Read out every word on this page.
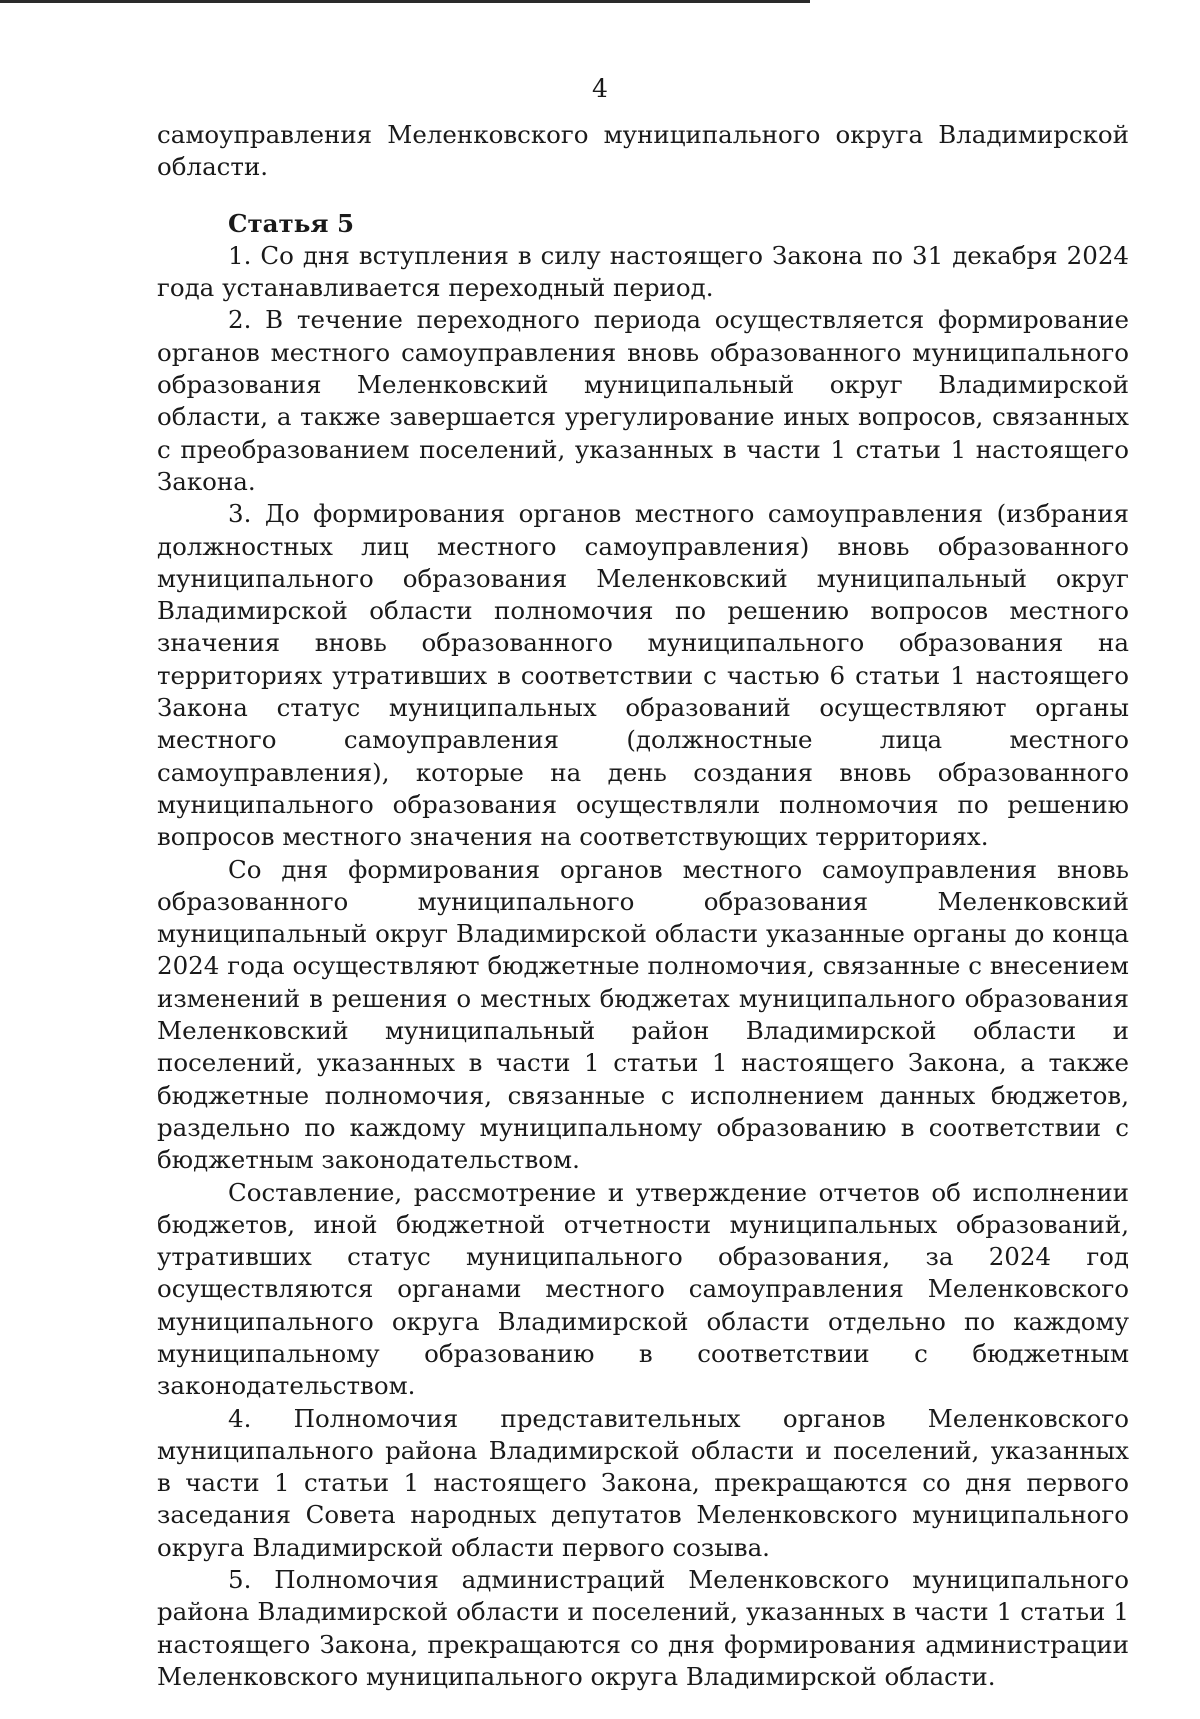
4

самоуправления Меленковского муниципального округа Владимирской области.

Статья 5

1. Со дня вступления в силу настоящего Закона по 31 декабря 2024 года устанавливается переходный период.

2. В течение переходного периода осуществляется формирование органов местного самоуправления вновь образованного муниципального образования Меленковский муниципальный округ Владимирской области, а также завершается урегулирование иных вопросов, связанных с преобразованием поселений, указанных в части 1 статьи 1 настоящего Закона.

3. До формирования органов местного самоуправления (избрания должностных лиц местного самоуправления) вновь образованного муниципального образования Меленковский муниципальный округ Владимирской области полномочия по решению вопросов местного значения вновь образованного муниципального образования на территориях утративших в соответствии с частью 6 статьи 1 настоящего Закона статус муниципальных образований осуществляют органы местного самоуправления (должностные лица местного самоуправления), которые на день создания вновь образованного муниципального образования осуществляли полномочия по решению вопросов местного значения на соответствующих территориях.

Со дня формирования органов местного самоуправления вновь образованного муниципального образования Меленковский муниципальный округ Владимирской области указанные органы до конца 2024 года осуществляют бюджетные полномочия, связанные с внесением изменений в решения о местных бюджетах муниципального образования Меленковский муниципальный район Владимирской области и поселений, указанных в части 1 статьи 1 настоящего Закона, а также бюджетные полномочия, связанные с исполнением данных бюджетов, раздельно по каждому муниципальному образованию в соответствии с бюджетным законодательством.

Составление, рассмотрение и утверждение отчетов об исполнении бюджетов, иной бюджетной отчетности муниципальных образований, утративших статус муниципального образования, за 2024 год осуществляются органами местного самоуправления Меленковского муниципального округа Владимирской области отдельно по каждому муниципальному образованию в соответствии с бюджетным законодательством.

4. Полномочия представительных органов Меленковского муниципального района Владимирской области и поселений, указанных в части 1 статьи 1 настоящего Закона, прекращаются со дня первого заседания Совета народных депутатов Меленковского муниципального округа Владимирской области первого созыва.

5. Полномочия администраций Меленковского муниципального района Владимирской области и поселений, указанных в части 1 статьи 1 настоящего Закона, прекращаются со дня формирования администрации Меленковского муниципального округа Владимирской области.
